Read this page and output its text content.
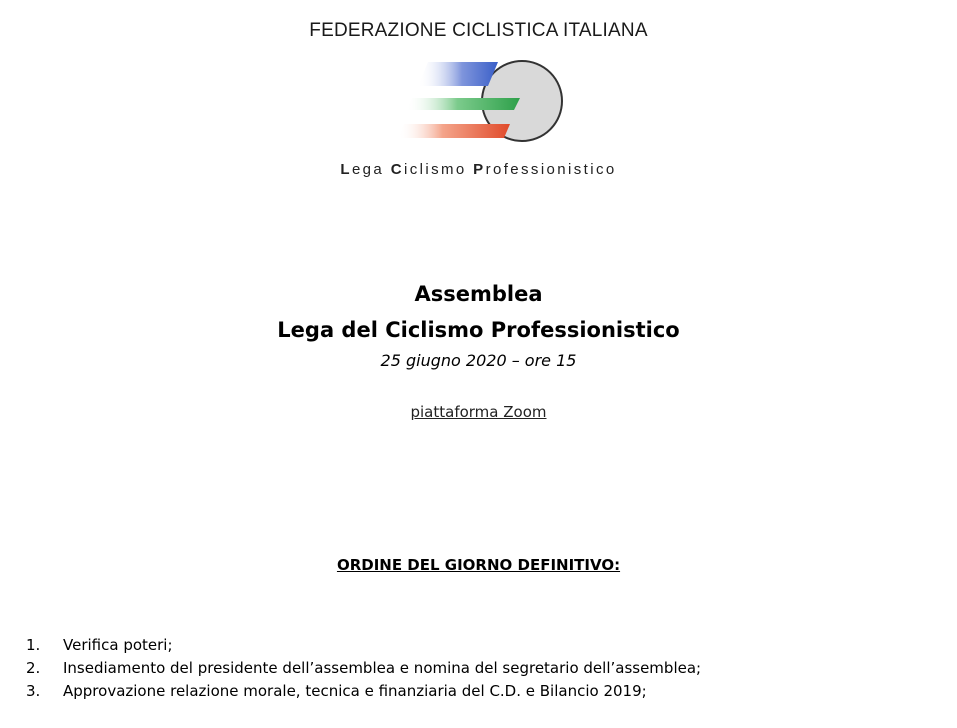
FEDERAZIONE CICLISTICA ITALIANA
Lega Ciclismo Professionistico
Assemblea
Lega del Ciclismo Professionistico
25 giugno 2020 – ore 15
piattaforma Zoom
ORDINE DEL GIORNO DEFINITIVO:
1. Verifica poteri;
2. Insediamento del presidente dell’assemblea e nomina del segretario dell’assemblea;
3. Approvazione relazione morale, tecnica e finanziaria del C.D. e Bilancio 2019;
